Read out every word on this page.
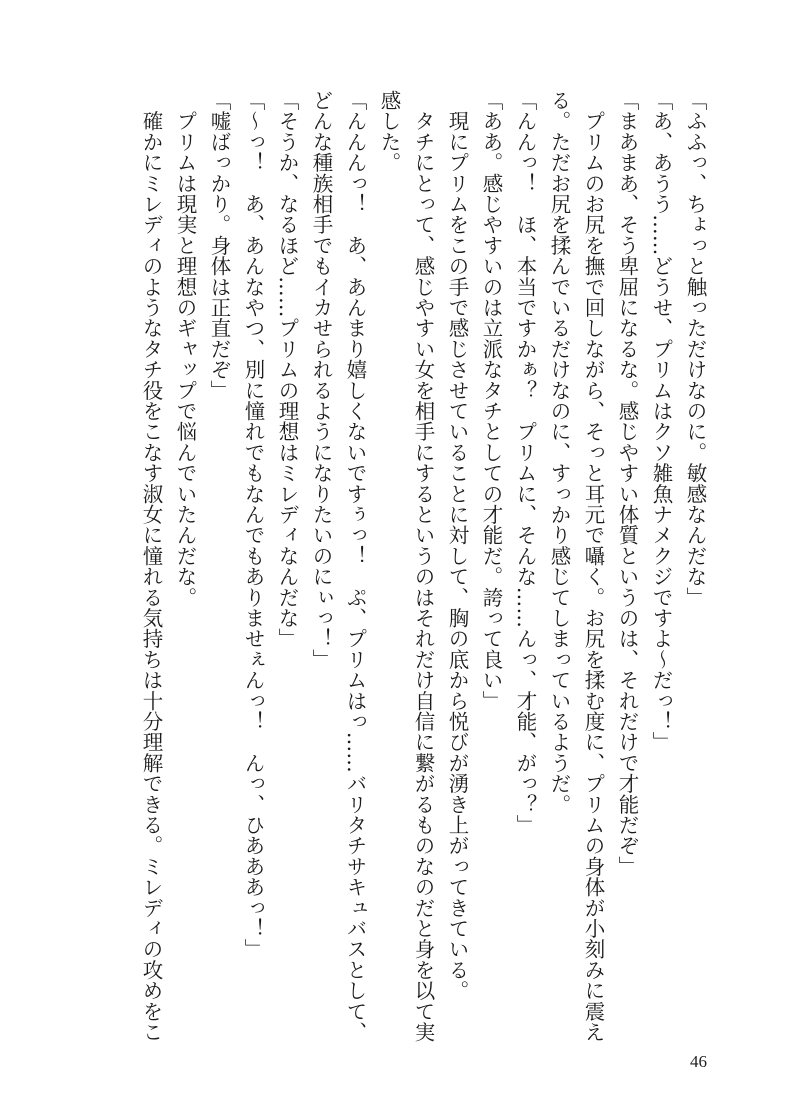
「ふふっ、ちょっと触っただけなのに。敏感なんだな」

「あ、あうう……どうせ、プリムはクソ雑魚ナメクジですよ～だっ！」

「まあまあ、そう卑屈になるな。感じやすい体質というのは、それだけで才能だぞ」

　プリムのお尻を撫で回しながら、そっと耳元で囁く。お尻を揉む度に、プリムの身体が小刻みに震え

る。ただお尻を揉んでいるだけなのに、すっかり感じてしまっているようだ。

「んんっ！　ほ、本当ですかぁ？　プリムに、そんな……んっ、才能、がっ？」

「ああ。感じやすいのは立派なタチとしての才能だ。誇って良い」

　現にプリムをこの手で感じさせていることに対して、胸の底から悦びが湧き上がってきている。

　タチにとって、感じやすい女を相手にするというのはそれだけ自信に繋がるものなのだと身を以て実

感した。

「んんんっ！　あ、あんまり嬉しくないですぅっ！　ぷ、プリムはっ……バリタチサキュバスとして、

どんな種族相手でもイカせられるようになりたいのにぃっ！」

「そうか、なるほど……プリムの理想はミレディなんだな」

「～っ！　あ、あんなやつ、別に憧れでもなんでもありませぇんっ！　んっ、ひあああっ！」

「嘘ばっかり。身体は正直だぞ」

　プリムは現実と理想のギャップで悩んでいたんだな。

　確かにミレディのようなタチ役をこなす淑女に憧れる気持ちは十分理解できる。ミレディの攻めをこ

46
